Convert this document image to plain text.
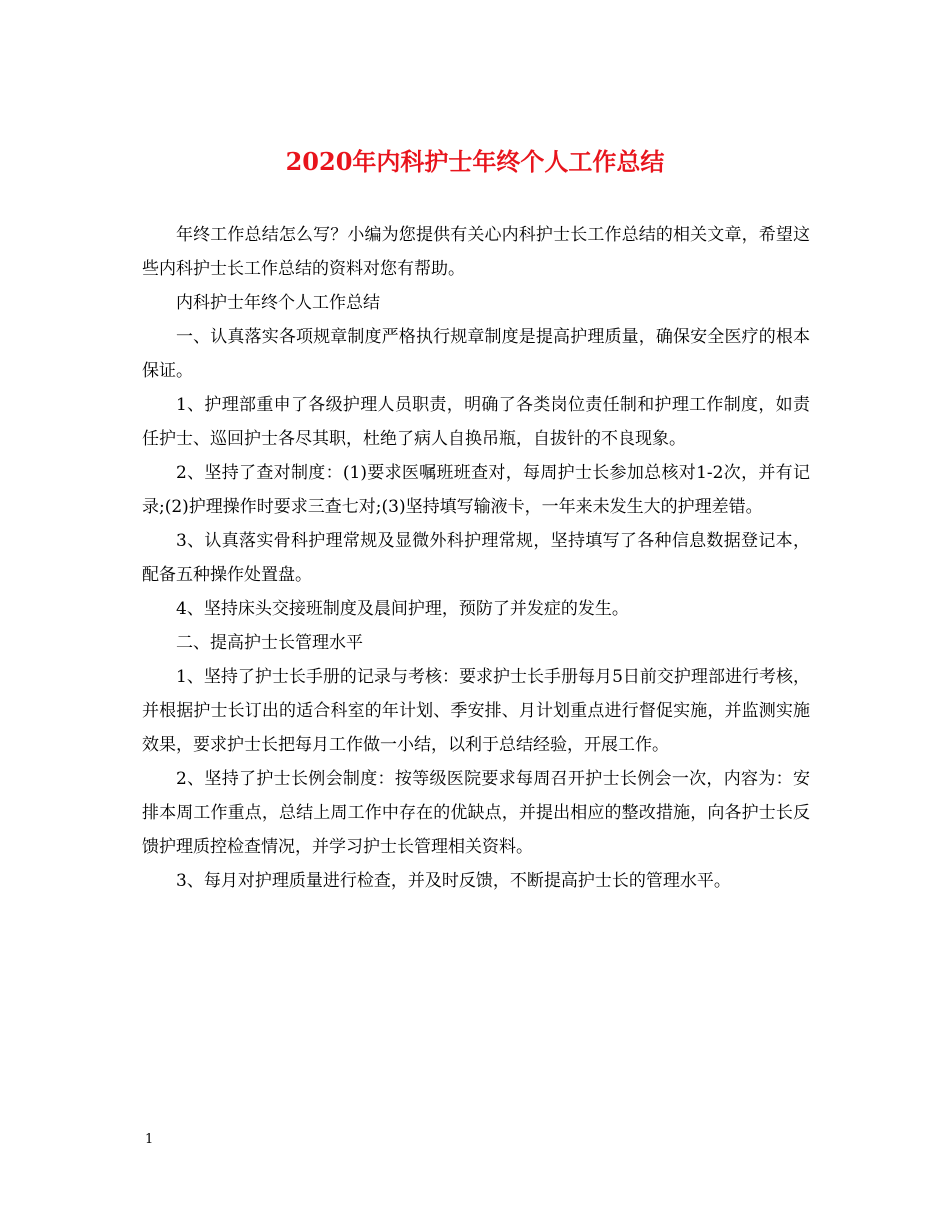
2020年内科护士年终个人工作总结

年终工作总结怎么写？小编为您提供有关心内科护士长工作总结的相关文章，希望这些内科护士长工作总结的资料对您有帮助。

内科护士年终个人工作总结

一、认真落实各项规章制度严格执行规章制度是提高护理质量，确保安全医疗的根本保证。

1、护理部重申了各级护理人员职责，明确了各类岗位责任制和护理工作制度，如责任护士、巡回护士各尽其职，杜绝了病人自换吊瓶，自拔针的不良现象。

2、坚持了查对制度：(1)要求医嘱班班查对，每周护士长参加总核对1-2次，并有记录;(2)护理操作时要求三查七对;(3)坚持填写输液卡，一年来未发生大的护理差错。

3、认真落实骨科护理常规及显微外科护理常规，坚持填写了各种信息数据登记本，配备五种操作处置盘。

4、坚持床头交接班制度及晨间护理，预防了并发症的发生。

二、提高护士长管理水平

1、坚持了护士长手册的记录与考核：要求护士长手册每月5日前交护理部进行考核，并根据护士长订出的适合科室的年计划、季安排、月计划重点进行督促实施，并监测实施效果，要求护士长把每月工作做一小结，以利于总结经验，开展工作。

2、坚持了护士长例会制度：按等级医院要求每周召开护士长例会一次，内容为：安排本周工作重点，总结上周工作中存在的优缺点，并提出相应的整改措施，向各护士长反馈护理质控检查情况，并学习护士长管理相关资料。

3、每月对护理质量进行检查，并及时反馈，不断提高护士长的管理水平。

1
